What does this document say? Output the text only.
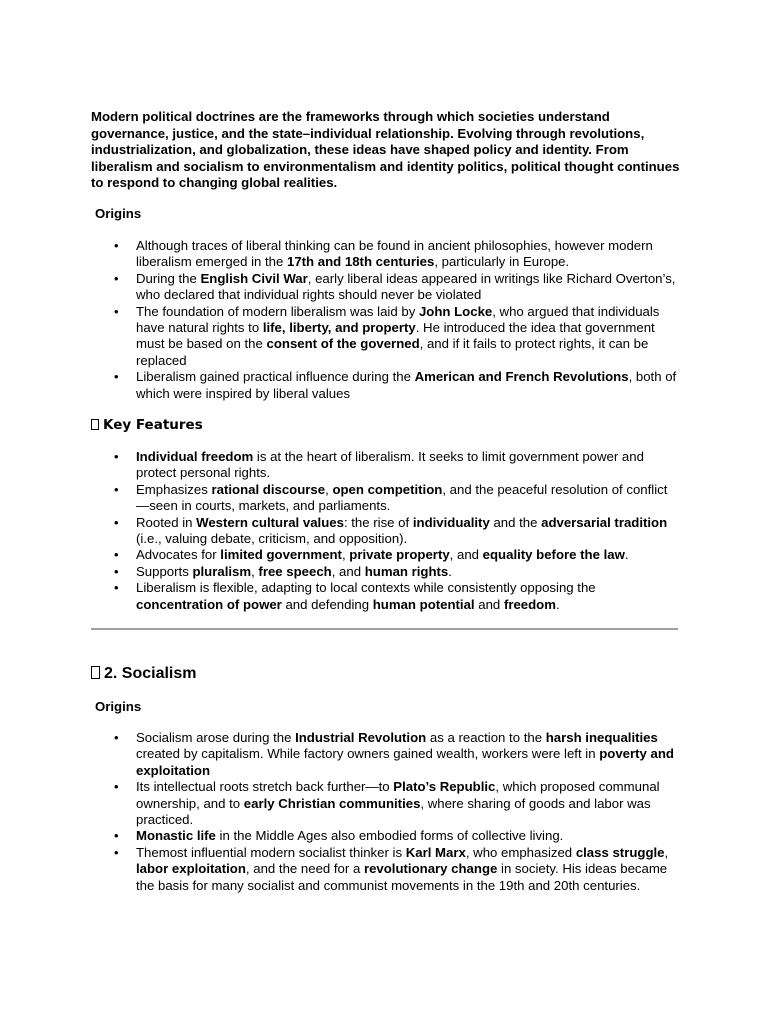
Modern political doctrines are the frameworks through which societies understand governance, justice, and the state–individual relationship. Evolving through revolutions, industrialization, and globalization, these ideas have shaped policy and identity. From liberalism and socialism to environmentalism and identity politics, political thought continues to respond to changing global realities.

Origins

• Although traces of liberal thinking can be found in ancient philosophies, however modern liberalism emerged in the 17th and 18th centuries, particularly in Europe.
• During the English Civil War, early liberal ideas appeared in writings like Richard Overton’s, who declared that individual rights should never be violated
• The foundation of modern liberalism was laid by John Locke, who argued that individuals have natural rights to life, liberty, and property. He introduced the idea that government must be based on the consent of the governed, and if it fails to protect rights, it can be replaced
• Liberalism gained practical influence during the American and French Revolutions, both of which were inspired by liberal values
Key Features
• Individual freedom is at the heart of liberalism. It seeks to limit government power and protect personal rights.
• Emphasizes rational discourse, open competition, and the peaceful resolution of conflict—seen in courts, markets, and parliaments.
• Rooted in Western cultural values: the rise of individuality and the adversarial tradition (i.e., valuing debate, criticism, and opposition).
• Advocates for limited government, private property, and equality before the law.
• Supports pluralism, free speech, and human rights.
• Liberalism is flexible, adapting to local contexts while consistently opposing the concentration of power and defending human potential and freedom.
2. Socialism

Origins

• Socialism arose during the Industrial Revolution as a reaction to the harsh inequalities created by capitalism. While factory owners gained wealth, workers were left in poverty and exploitation
• Its intellectual roots stretch back further—to Plato’s Republic, which proposed communal ownership, and to early Christian communities, where sharing of goods and labor was practiced.
• Monastic life in the Middle Ages also embodied forms of collective living.
• Themost influential modern socialist thinker is Karl Marx, who emphasized class struggle, labor exploitation, and the need for a revolutionary change in society. His ideas became the basis for many socialist and communist movements in the 19th and 20th centuries.
